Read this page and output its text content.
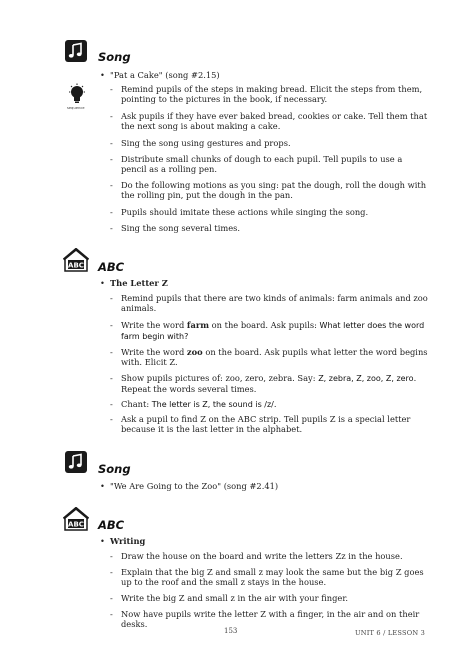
Song
• "Pat a Cake" (song #2.15)
sequence
- Remind pupils of the steps in making bread. Elicit the steps from them, pointing to the pictures in the book, if necessary.
- Ask pupils if they have ever baked bread, cookies or cake. Tell them that the next song is about making a cake.
- Sing the song using gestures and props.
- Distribute small chunks of dough to each pupil. Tell pupils to use a pencil as a rolling pen.
- Do the following motions as you sing: pat the dough, roll the dough with the rolling pin, put the dough in the pan.
- Pupils should imitate these actions while singing the song.
- Sing the song several times.
ABC ABC
• The Letter Z
- Remind pupils that there are two kinds of animals: farm animals and zoo animals.
- Write the word farm on the board. Ask pupils: What letter does the word farm begin with?
- Write the word zoo on the board. Ask pupils what letter the word begins with. Elicit Z.
- Show pupils pictures of: zoo, zero, zebra. Say: Z, zebra, Z, zoo, Z, zero. Repeat the words several times.
- Chant: The letter is Z, the sound is /z/.
- Ask a pupil to find Z on the ABC strip. Tell pupils Z is a special letter because it is the last letter in the alphabet.
Song
• "We Are Going to the Zoo" (song #2.41)
ABC ABC
• Writing
- Draw the house on the board and write the letters Zz in the house.
- Explain that the big Z and small z may look the same but the big Z goes up to the roof and the small z stays in the house.
- Write the big Z and small z in the air with your finger.
- Now have pupils write the letter Z with a finger, in the air and on their desks.
153	UNIT 6 / LESSON 3
